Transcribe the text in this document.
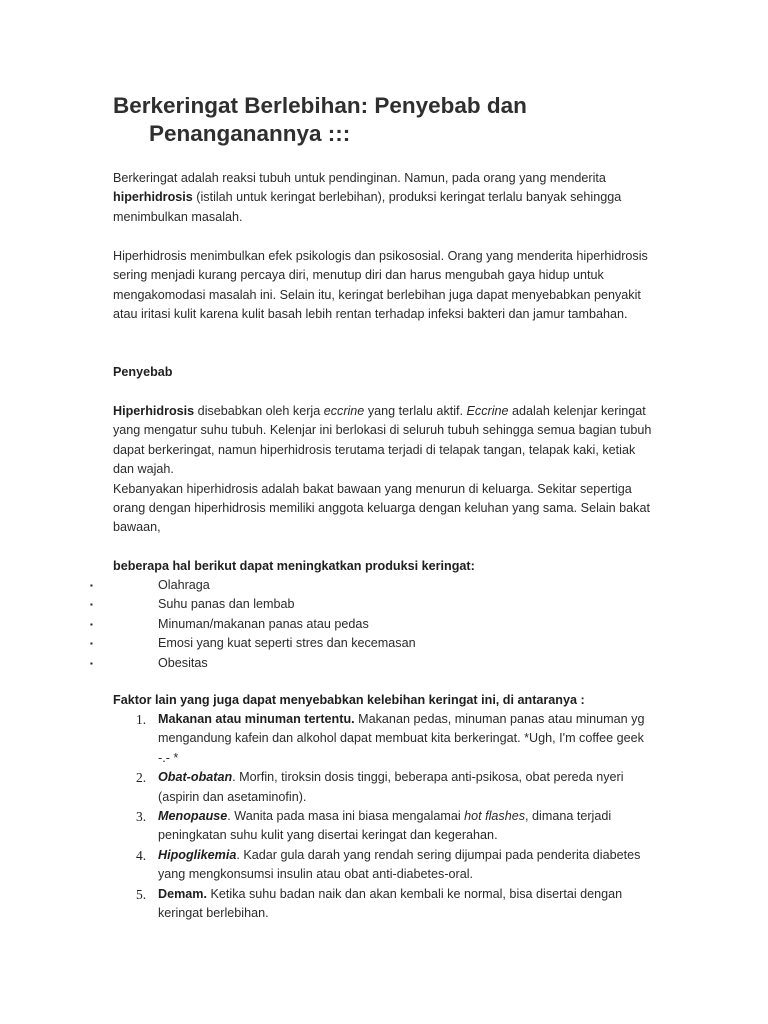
Berkeringat Berlebihan: Penyebab dan
Penanganannya :::

Berkeringat adalah reaksi tubuh untuk pendinginan. Namun, pada orang yang menderita hiperhidrosis (istilah untuk keringat berlebihan), produksi keringat terlalu banyak sehingga menimbulkan masalah.

Hiperhidrosis menimbulkan efek psikologis dan psikososial. Orang yang menderita hiperhidrosis sering menjadi kurang percaya diri, menutup diri dan harus mengubah gaya hidup untuk mengakomodasi masalah ini. Selain itu, keringat berlebihan juga dapat menyebabkan penyakit atau iritasi kulit karena kulit basah lebih rentan terhadap infeksi bakteri dan jamur tambahan.

Penyebab

Hiperhidrosis disebabkan oleh kerja eccrine yang terlalu aktif. Eccrine adalah kelenjar keringat yang mengatur suhu tubuh. Kelenjar ini berlokasi di seluruh tubuh sehingga semua bagian tubuh dapat berkeringat, namun hiperhidrosis terutama terjadi di telapak tangan, telapak kaki, ketiak dan wajah.
Kebanyakan hiperhidrosis adalah bakat bawaan yang menurun di keluarga. Sekitar sepertiga orang dengan hiperhidrosis memiliki anggota keluarga dengan keluhan yang sama. Selain bakat bawaan,

beberapa hal berikut dapat meningkatkan produksi keringat:

▪	Olahraga
▪	Suhu panas dan lembab
▪	Minuman/makanan panas atau pedas
▪	Emosi yang kuat seperti stres dan kecemasan
▪	Obesitas

Faktor lain yang juga dapat menyebabkan kelebihan keringat ini, di antaranya :

1. Makanan atau minuman tertentu. Makanan pedas, minuman panas atau minuman yg mengandung kafein dan alkohol dapat membuat kita berkeringat. *Ugh, I'm coffee geek -.- *
2. Obat-obatan. Morfin, tiroksin dosis tinggi, beberapa anti-psikosa, obat pereda nyeri (aspirin dan asetaminofin).
3. Menopause. Wanita pada masa ini biasa mengalamai hot flashes, dimana terjadi peningkatan suhu kulit yang disertai keringat dan kegerahan.
4. Hipoglikemia. Kadar gula darah yang rendah sering dijumpai pada penderita diabetes yang mengkonsumsi insulin atau obat anti-diabetes-oral.
5. Demam. Ketika suhu badan naik dan akan kembali ke normal, bisa disertai dengan keringat berlebihan.
